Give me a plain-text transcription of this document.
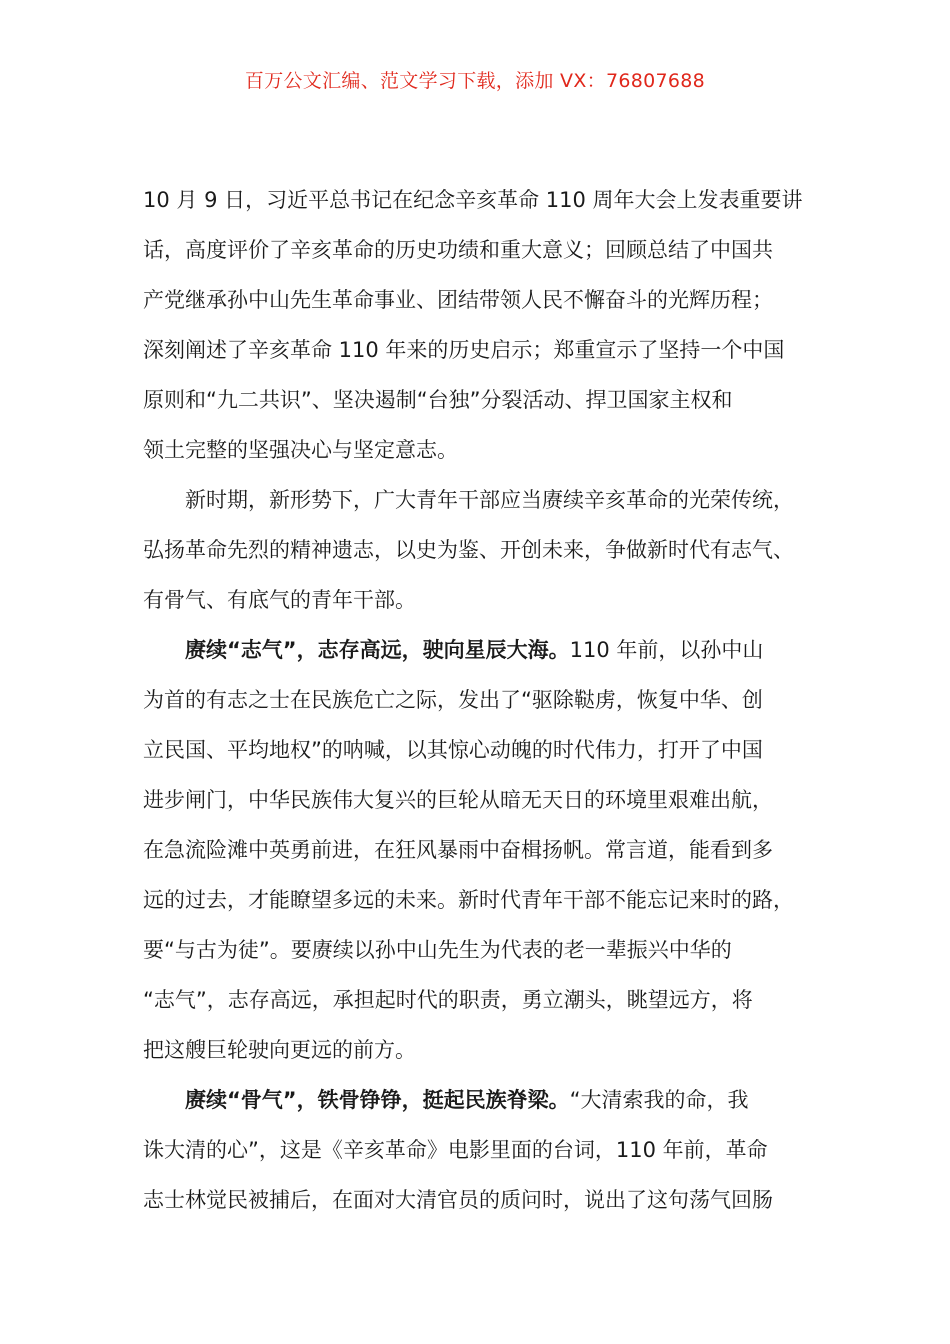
百万公文汇编、范文学习下载，添加 VX：76807688
10 月 9 日，习近平总书记在纪念辛亥革命 110 周年大会上发表重要讲
话，高度评价了辛亥革命的历史功绩和重大意义；回顾总结了中国共
产党继承孙中山先生革命事业、团结带领人民不懈奋斗的光辉历程；
深刻阐述了辛亥革命 110 年来的历史启示；郑重宣示了坚持一个中国
原则和“九二共识”、坚决遏制“台独”分裂活动、捍卫国家主权和
领土完整的坚强决心与坚定意志。
新时期，新形势下，广大青年干部应当赓续辛亥革命的光荣传统，
弘扬革命先烈的精神遗志，以史为鉴、开创未来，争做新时代有志气、
有骨气、有底气的青年干部。
赓续“志气”，志存高远，驶向星辰大海。110 年前，以孙中山
为首的有志之士在民族危亡之际，发出了“驱除鞑虏，恢复中华、创
立民国、平均地权”的呐喊，以其惊心动魄的时代伟力，打开了中国
进步闸门，中华民族伟大复兴的巨轮从暗无天日的环境里艰难出航，
在急流险滩中英勇前进，在狂风暴雨中奋楫扬帆。常言道，能看到多
远的过去，才能瞭望多远的未来。新时代青年干部不能忘记来时的路，
要“与古为徒”。要赓续以孙中山先生为代表的老一辈振兴中华的
“志气”，志存高远，承担起时代的职责，勇立潮头，眺望远方，将
把这艘巨轮驶向更远的前方。
赓续“骨气”，铁骨铮铮，挺起民族脊梁。“大清索我的命，我
诛大清的心”，这是《辛亥革命》电影里面的台词，110 年前，革命
志士林觉民被捕后，在面对大清官员的质问时，说出了这句荡气回肠
